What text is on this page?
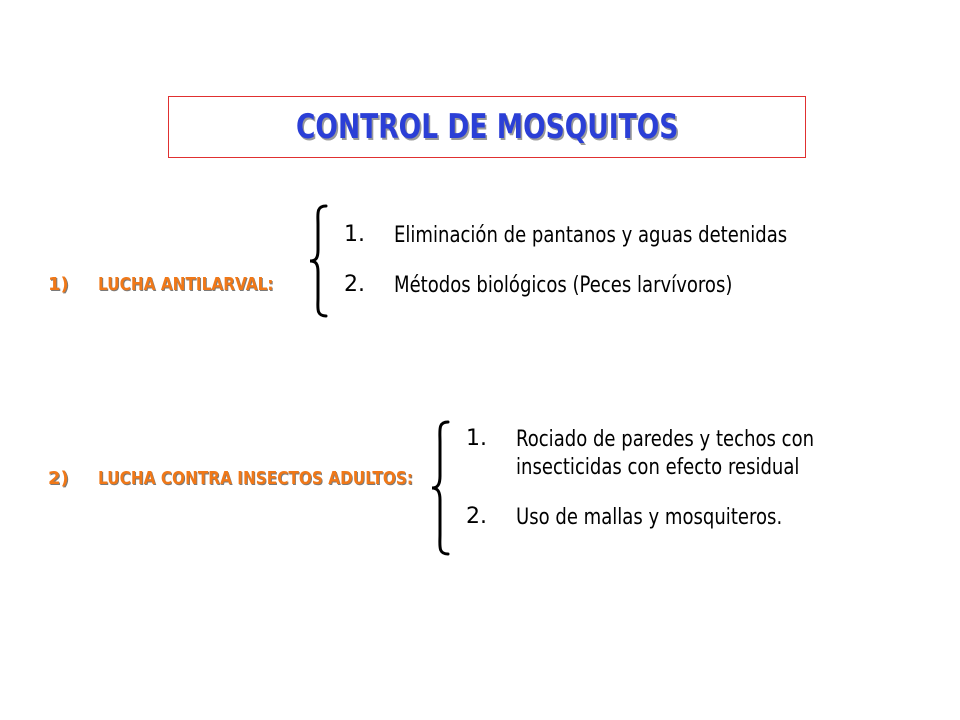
CONTROL DE MOSQUITOS
1)	LUCHA ANTILARVAL:
1.	Eliminación de pantanos y aguas detenidas
2.	Métodos biológicos (Peces larvívoros)
2)	LUCHA CONTRA INSECTOS ADULTOS:
1.	Rociado de paredes y techos con
insecticidas con efecto residual
2.	Uso de mallas y mosquiteros.
